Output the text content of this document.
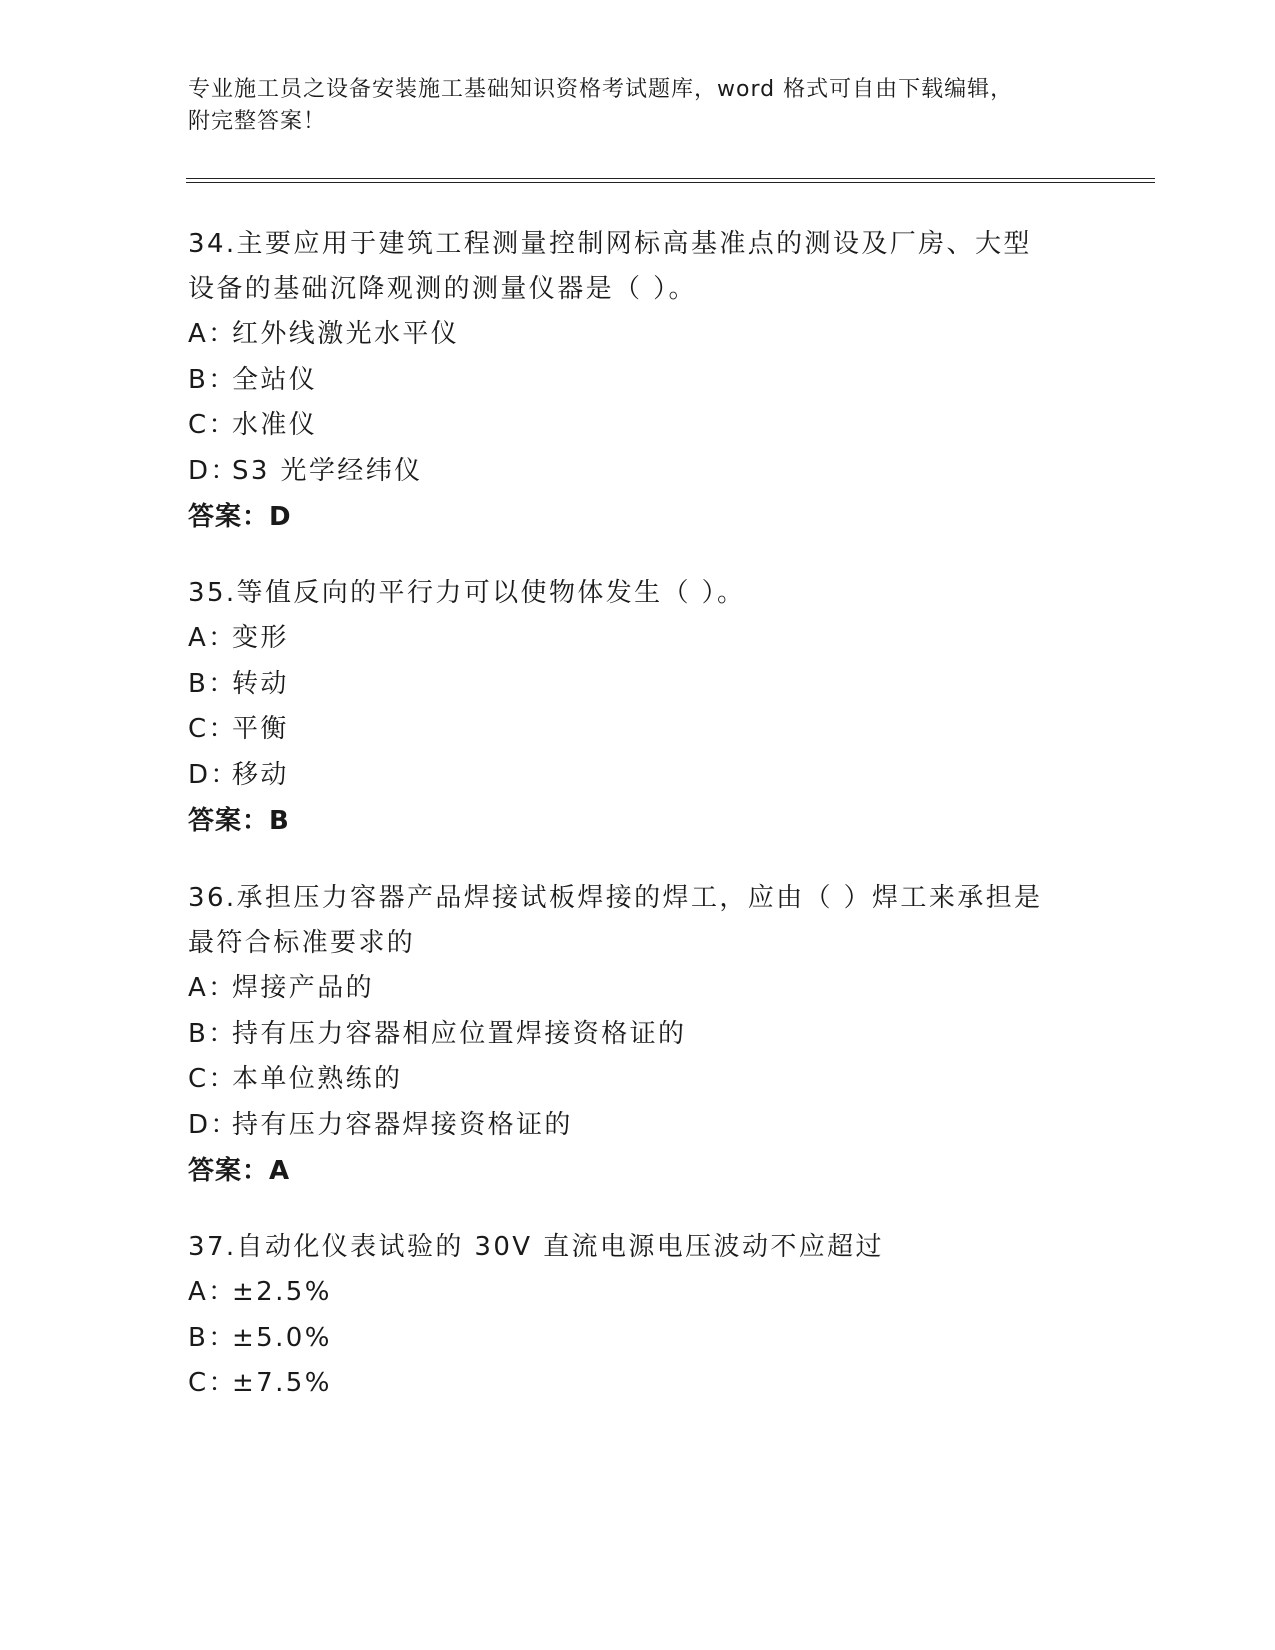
专业施工员之设备安装施工基础知识资格考试题库，word 格式可自由下载编辑，
附完整答案！

34.主要应用于建筑工程测量控制网标高基准点的测设及厂房、大型设备的基础沉降观测的测量仪器是（ ）。

A：红外线激光水平仪

B：全站仪

C：水准仪

D：S3 光学经纬仪

答案：D

35.等值反向的平行力可以使物体发生（ ）。

A：变形

B：转动

C：平衡

D：移动

答案：B

36.承担压力容器产品焊接试板焊接的焊工，应由（ ）焊工来承担是最符合标准要求的

A：焊接产品的

B：持有压力容器相应位置焊接资格证的

C：本单位熟练的

D：持有压力容器焊接资格证的

答案：A

37.自动化仪表试验的 30V 直流电源电压波动不应超过

A：±2.5%

B：±5.0%

C：±7.5%
